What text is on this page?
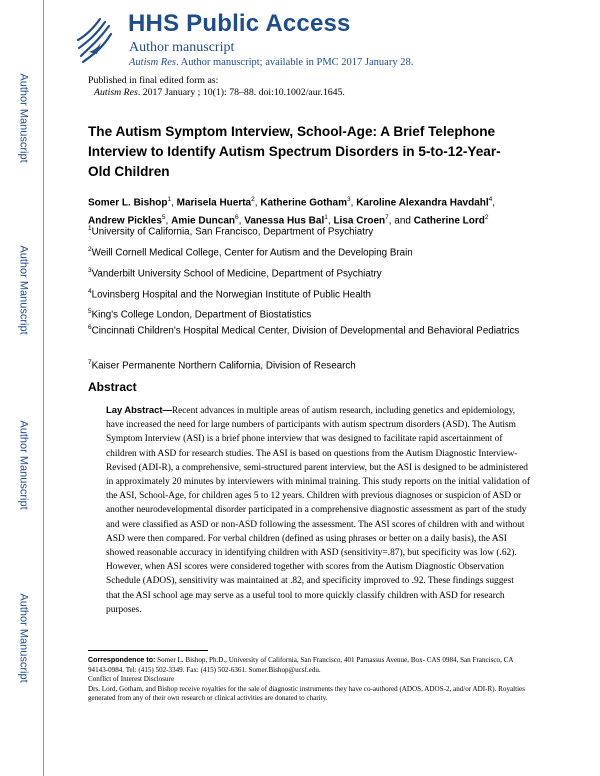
Author Manuscript
Author Manuscript
Author Manuscript
Author Manuscript
HHS Public Access
Author manuscript
Autism Res. Author manuscript; available in PMC 2017 January 28.
Published in final edited form as:
Autism Res. 2017 January ; 10(1): 78–88. doi:10.1002/aur.1645.
The Autism Symptom Interview, School-Age: A Brief Telephone Interview to Identify Autism Spectrum Disorders in 5-to-12-Year-Old Children
Somer L. Bishop$^1$, Marisela Huerta$^2$, Katherine Gotham$^3$, Karoline Alexandra Havdahl$^4$, Andrew Pickles$^5$, Amie Duncan$^6$, Vanessa Hus Bal$^1$, Lisa Croen$^7$, and Catherine Lord$^2$
$^1$University of California, San Francisco, Department of Psychiatry
$^2$Weill Cornell Medical College, Center for Autism and the Developing Brain
$^3$Vanderbilt University School of Medicine, Department of Psychiatry
$^4$Lovinsberg Hospital and the Norwegian Institute of Public Health
$^5$King's College London, Department of Biostatistics
$^6$Cincinnati Children's Hospital Medical Center, Division of Developmental and Behavioral Pediatrics
$^7$Kaiser Permanente Northern California, Division of Research
Abstract
Lay Abstract—Recent advances in multiple areas of autism research, including genetics and epidemiology, have increased the need for large numbers of participants with autism spectrum disorders (ASD). The Autism Symptom Interview (ASI) is a brief phone interview that was designed to facilitate rapid ascertainment of children with ASD for research studies. The ASI is based on questions from the Autism Diagnostic Interview-Revised (ADI-R), a comprehensive, semi-structured parent interview, but the ASI is designed to be administered in approximately 20 minutes by interviewers with minimal training. This study reports on the initial validation of the ASI, School-Age, for children ages 5 to 12 years. Children with previous diagnoses or suspicion of ASD or another neurodevelopmental disorder participated in a comprehensive diagnostic assessment as part of the study and were classified as ASD or non-ASD following the assessment. The ASI scores of children with and without ASD were then compared. For verbal children (defined as using phrases or better on a daily basis), the ASI showed reasonable accuracy in identifying children with ASD (sensitivity=.87), but specificity was low (.62). However, when ASI scores were considered together with scores from the Autism Diagnostic Observation Schedule (ADOS), sensitivity was maintained at .82, and specificity improved to .92. These findings suggest that the ASI school age may serve as a useful tool to more quickly classify children with ASD for research purposes.
Correspondence to: Somer L. Bishop, Ph.D., University of California, San Francisco, 401 Parnassus Avenue, Box- CAS 0984, San Francisco, CA 94143-0984. Tel: (415) 502-3349. Fax: (415) 502-6361. Somer.Bishop@ucsf.edu.
Conflict of Interest Disclosure
Drs. Lord, Gotham, and Bishop receive royalties for the sale of diagnostic instruments they have co-authored (ADOS, ADOS-2, and/or ADI-R). Royalties generated from any of their own research or clinical activities are donated to charity.
